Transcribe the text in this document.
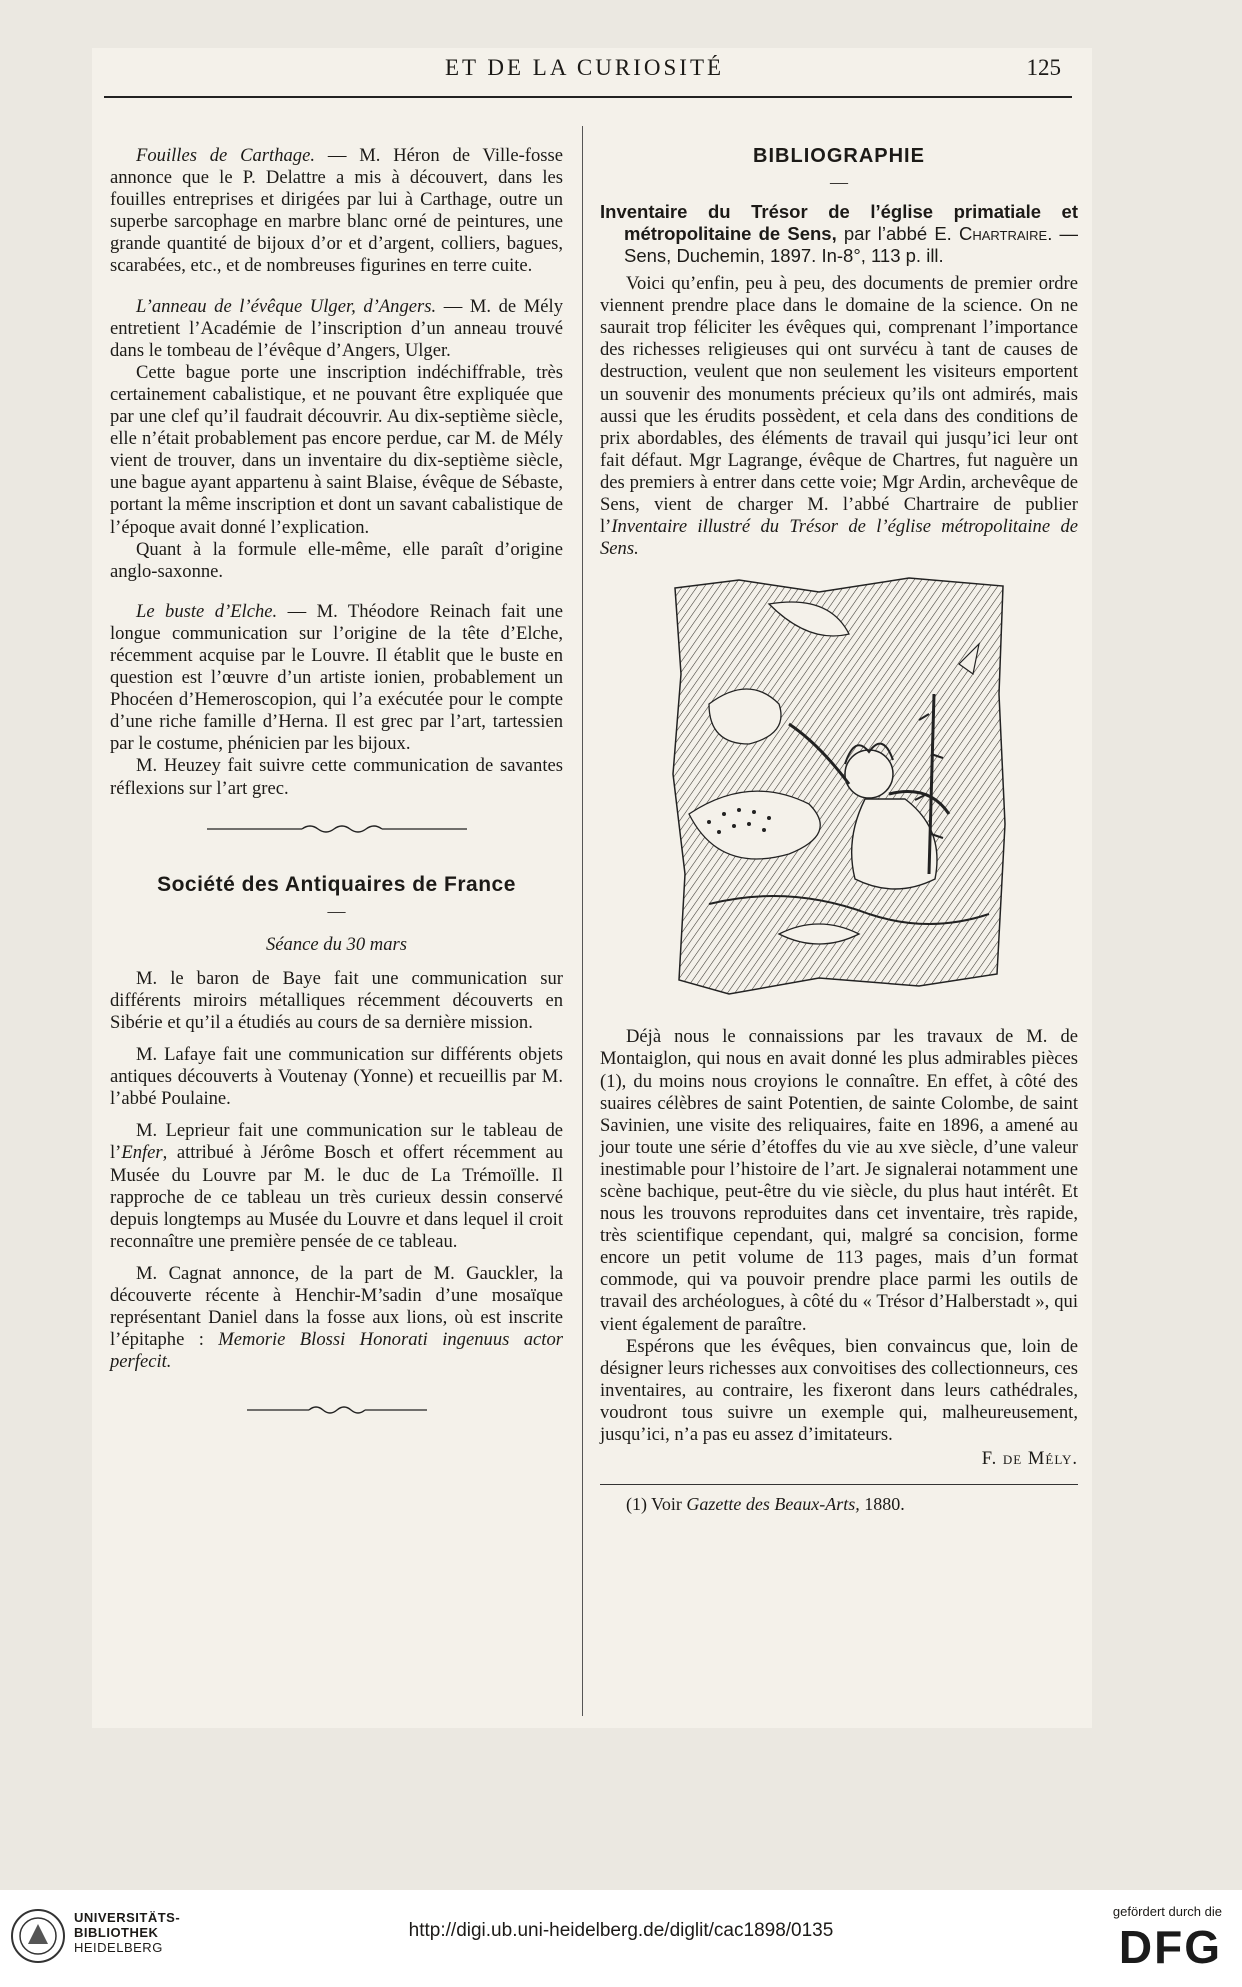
ET DE LA CURIOSITÉ	125

Fouilles de Carthage. — M. Héron de Ville-fosse annonce que le P. Delattre a mis à découvert, dans les fouilles entreprises et dirigées par lui à Carthage, outre un superbe sarcophage en marbre blanc orné de peintures, une grande quantité de bijoux d’or et d’argent, colliers, bagues, scarabées, etc., et de nombreuses figurines en terre cuite.

L’anneau de l’évêque Ulger, d’Angers. — M. de Mély entretient l’Académie de l’inscription d’un anneau trouvé dans le tombeau de l’évêque d’Angers, Ulger.

Cette bague porte une inscription indéchiffrable, très certainement cabalistique, et ne pouvant être expliquée que par une clef qu’il faudrait découvrir. Au dix-septième siècle, elle n’était probablement pas encore perdue, car M. de Mély vient de trouver, dans un inventaire du dix-septième siècle, une bague ayant appartenu à saint Blaise, évêque de Sébaste, portant la même inscription et dont un savant cabalistique de l’époque avait donné l’explication.

Quant à la formule elle-même, elle paraît d’origine anglo-saxonne.

Le buste d’Elche. — M. Théodore Reinach fait une longue communication sur l’origine de la tête d’Elche, récemment acquise par le Louvre. Il établit que le buste en question est l’œuvre d’un artiste ionien, probablement un Phocéen d’Hemeroscopion, qui l’a exécutée pour le compte d’une riche famille d’Herna. Il est grec par l’art, tartessien par le costume, phénicien par les bijoux.

M. Heuzey fait suivre cette communication de savantes réflexions sur l’art grec.

Société des Antiquaires de France
—
Séance du 30 mars

M. le baron de Baye fait une communication sur différents miroirs métalliques récemment découverts en Sibérie et qu’il a étudiés au cours de sa dernière mission.

M. Lafaye fait une communication sur différents objets antiques découverts à Voutenay (Yonne) et recueillis par M. l’abbé Poulaine.

M. Leprieur fait une communication sur le tableau de l’Enfer, attribué à Jérôme Bosch et offert récemment au Musée du Louvre par M. le duc de La Trémoïlle. Il rapproche de ce tableau un très curieux dessin conservé depuis longtemps au Musée du Louvre et dans lequel il croit reconnaître une première pensée de ce tableau.

M. Cagnat annonce, de la part de M. Gauckler, la découverte récente à Henchir-M’sadin d’une mosaïque représentant Daniel dans la fosse aux lions, où est inscrite l’épitaphe : Memorie Blossi Honorati ingenuus actor perfecit.

BIBLIOGRAPHIE
—

Inventaire du Trésor de l’église primatiale et métropolitaine de Sens, par l’abbé E. Chartraire. — Sens, Duchemin, 1897. In-8°, 113 p. ill.

Voici qu’enfin, peu à peu, des documents de premier ordre viennent prendre place dans le domaine de la science. On ne saurait trop féliciter les évêques qui, comprenant l’importance des richesses religieuses qui ont survécu à tant de causes de destruction, veulent que non seulement les visiteurs emportent un souvenir des monuments précieux qu’ils ont admirés, mais aussi que les érudits possèdent, et cela dans des conditions de prix abordables, des éléments de travail qui jusqu’ici leur ont fait défaut. Mgr Lagrange, évêque de Chartres, fut naguère un des premiers à entrer dans cette voie; Mgr Ardin, archevêque de Sens, vient de charger M. l’abbé Chartraire de publier l’Inventaire illustré du Trésor de l’église métropolitaine de Sens.

Déjà nous le connaissions par les travaux de M. de Montaiglon, qui nous en avait donné les plus admirables pièces (1), du moins nous croyions le connaître. En effet, à côté des suaires célèbres de saint Potentien, de sainte Colombe, de saint Savinien, une visite des reliquaires, faite en 1896, a amené au jour toute une série d’étoffes du vie au xve siècle, d’une valeur inestimable pour l’histoire de l’art. Je signalerai notamment une scène bachique, peut-être du vie siècle, du plus haut intérêt. Et nous les trouvons reproduites dans cet inventaire, très rapide, très scientifique cependant, qui, malgré sa concision, forme encore un petit volume de 113 pages, mais d’un format commode, qui va pouvoir prendre place parmi les outils de travail des archéologues, à côté du « Trésor d’Halberstadt », qui vient également de paraître.

Espérons que les évêques, bien convaincus que, loin de désigner leurs richesses aux convoitises des collectionneurs, ces inventaires, au contraire, les fixeront dans leurs cathédrales, voudront tous suivre un exemple qui, malheureusement, jusqu’ici, n’a pas eu assez d’imitateurs.

F. de Mély.

(1) Voir Gazette des Beaux-Arts, 1880.

UNIVERSITÄTS-
BIBLIOTHEK
HEIDELBERG
http://digi.ub.uni-heidelberg.de/diglit/cac1898/0135
gefördert durch die
DFG
